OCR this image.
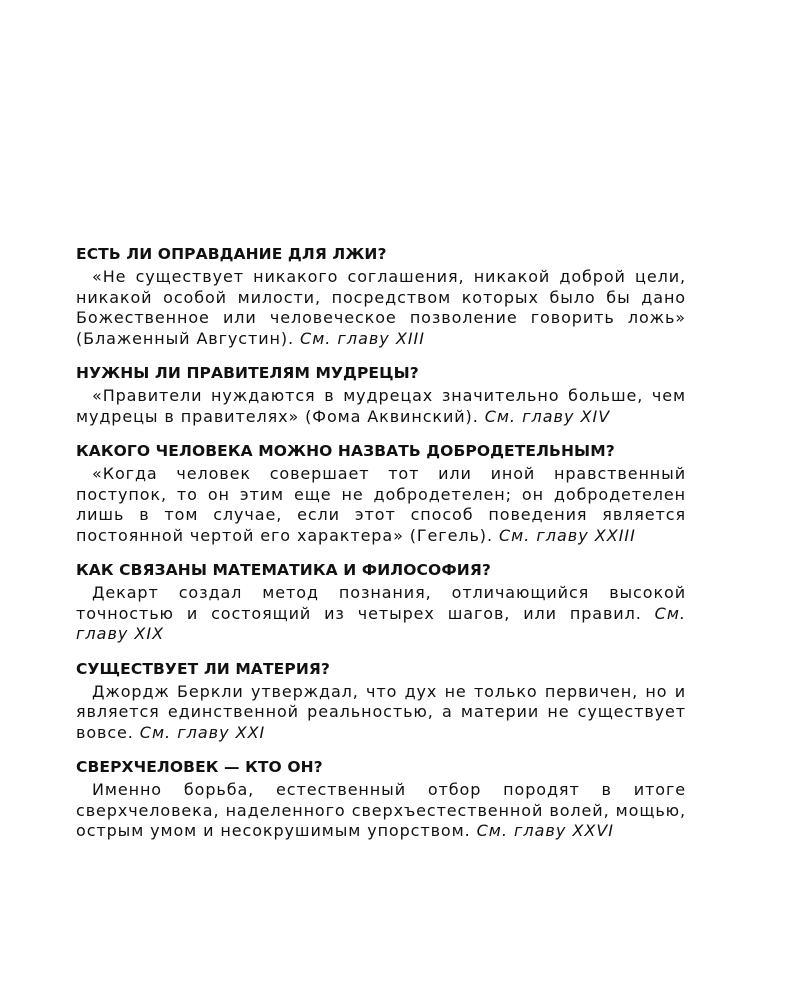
ЕСТЬ ЛИ ОПРАВДАНИЕ ДЛЯ ЛЖИ?

«Не существует никакого соглашения, никакой доброй цели, никакой особой милости, посредством которых было бы дано Божественное или человеческое позволение говорить ложь» (Блаженный Августин). См. главу XIII

НУЖНЫ ЛИ ПРАВИТЕЛЯМ МУДРЕЦЫ?

«Правители нуждаются в мудрецах значительно больше, чем мудрецы в правителях» (Фома Аквинский). См. главу XIV

КАКОГО ЧЕЛОВЕКА МОЖНО НАЗВАТЬ ДОБРОДЕТЕЛЬНЫМ?

«Когда человек совершает тот или иной нравственный поступок, то он этим еще не добродетелен; он добродетелен лишь в том случае, если этот способ поведения является постоянной чертой его характера» (Гегель). См. главу XXIII

КАК СВЯЗАНЫ МАТЕМАТИКА И ФИЛОСОФИЯ?

Декарт создал метод познания, отличающийся высокой точностью и состоящий из четырех шагов, или правил. См. главу XIX

СУЩЕСТВУЕТ ЛИ МАТЕРИЯ?

Джордж Беркли утверждал, что дух не только первичен, но и является единственной реальностью, а материи не существует вовсе. См. главу XXI

СВЕРХЧЕЛОВЕК — КТО ОН?

Именно борьба, естественный отбор породят в итоге сверхчеловека, наделенного сверхъестественной волей, мощью, острым умом и несокрушимым упорством. См. главу XXVI
